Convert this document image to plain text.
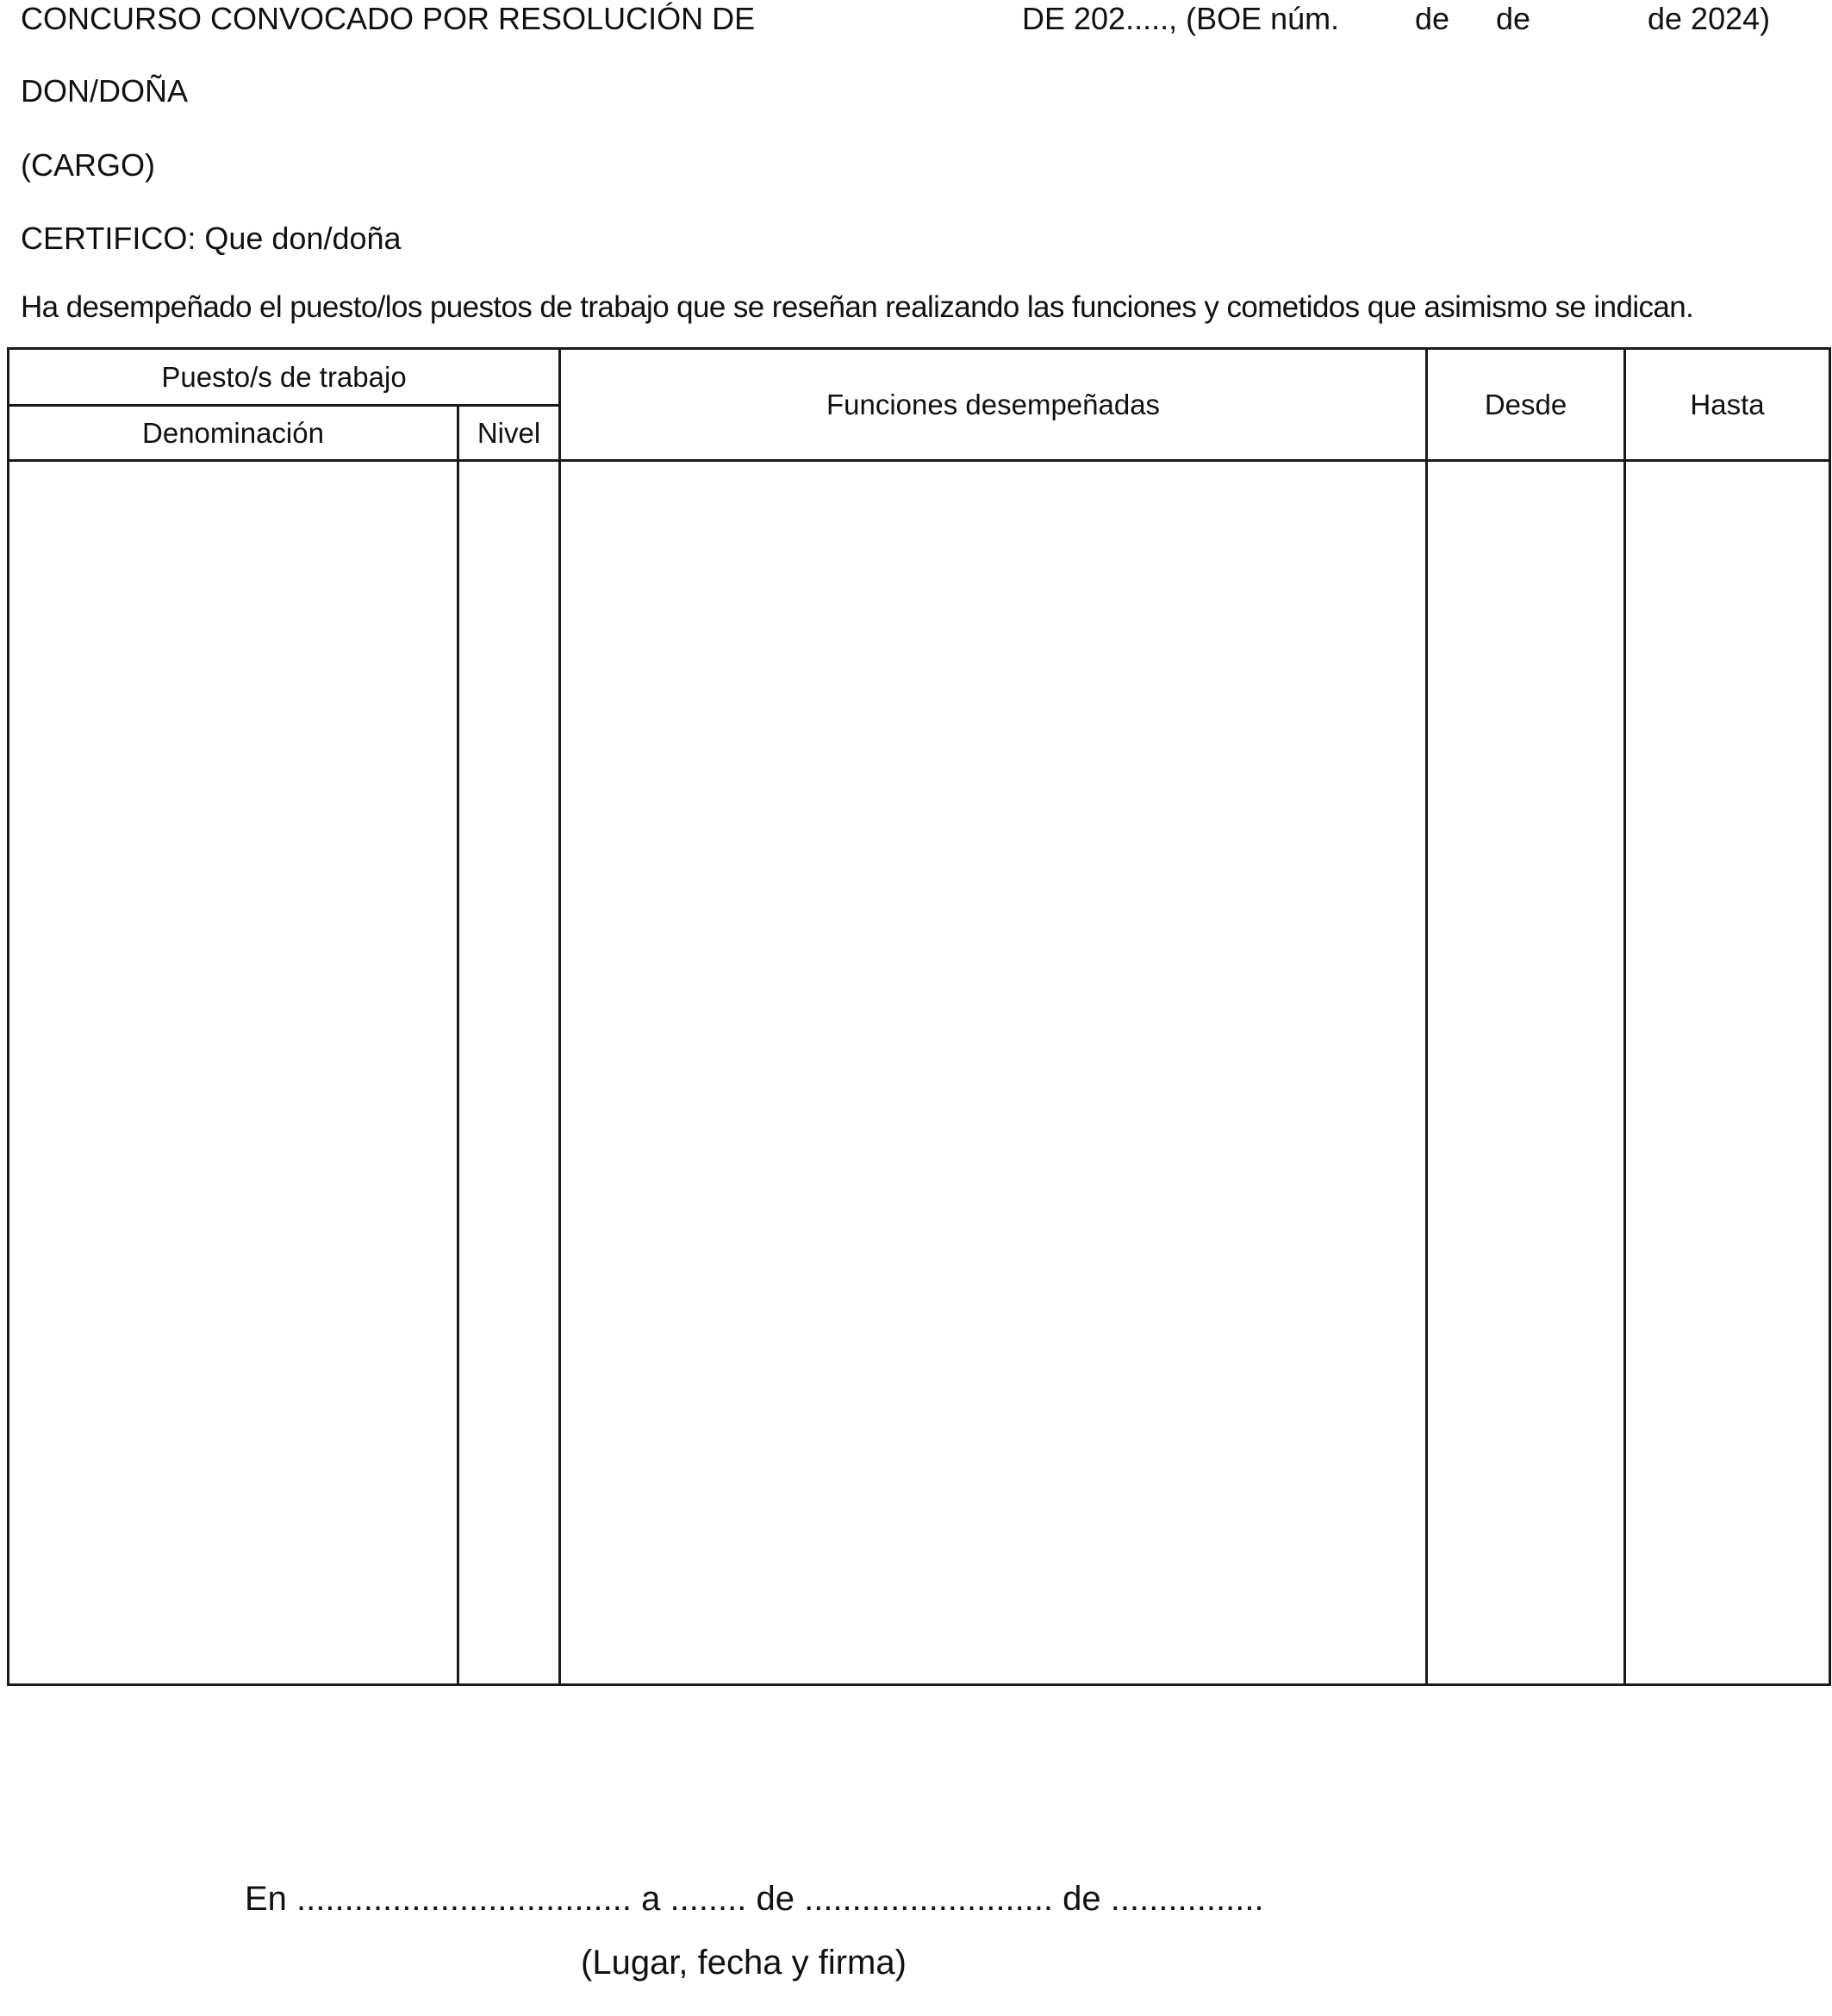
CONCURSO CONVOCADO POR RESOLUCIÓN DE	DE 202....., (BOE núm. de de	de 2024)
DON/DOÑA
(CARGO)
CERTIFICO: Que don/doña
Ha desempeñado el puesto/los puestos de trabajo que se reseñan realizando las funciones y cometidos que asimismo se indican.
Puesto/s de trabajo		Funciones desempeñadas	Desde	Hasta
Denominación	Nivel			

En ................................... a ........ de .......................... de ................
(Lugar, fecha y firma)
